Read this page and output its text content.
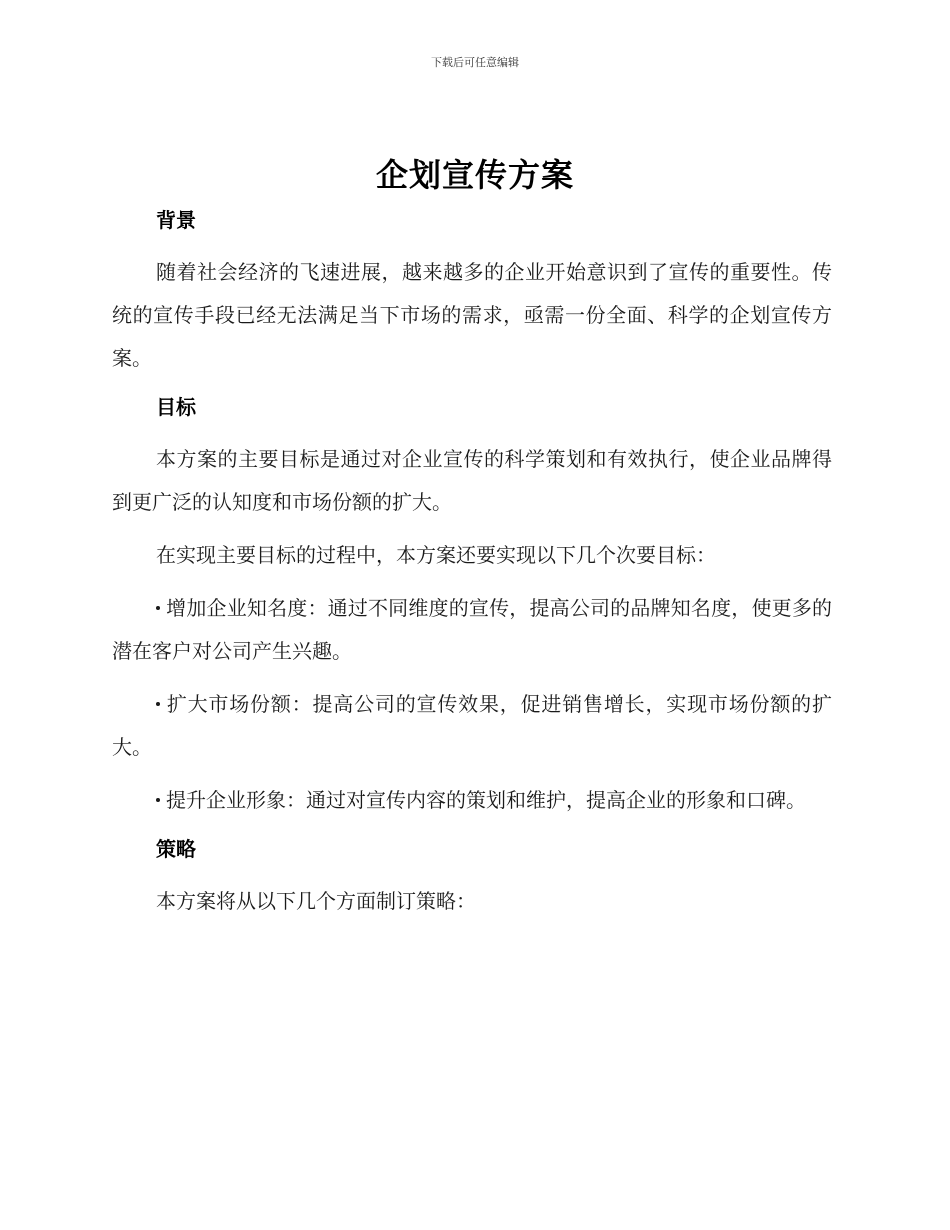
下载后可任意编辑
企划宣传方案
背景

随着社会经济的飞速进展，越来越多的企业开始意识到了宣传的重要性。传统的宣传手段已经无法满足当下市场的需求，亟需一份全面、科学的企划宣传方案。

目标

本方案的主要目标是通过对企业宣传的科学策划和有效执行，使企业品牌得到更广泛的认知度和市场份额的扩大。

在实现主要目标的过程中，本方案还要实现以下几个次要目标：

增加企业知名度：通过不同维度的宣传，提高公司的品牌知名度，使更多的潜在客户对公司产生兴趣。

扩大市场份额：提高公司的宣传效果，促进销售增长，实现市场份额的扩大。

提升企业形象：通过对宣传内容的策划和维护，提高企业的形象和口碑。

策略

本方案将从以下几个方面制订策略：
